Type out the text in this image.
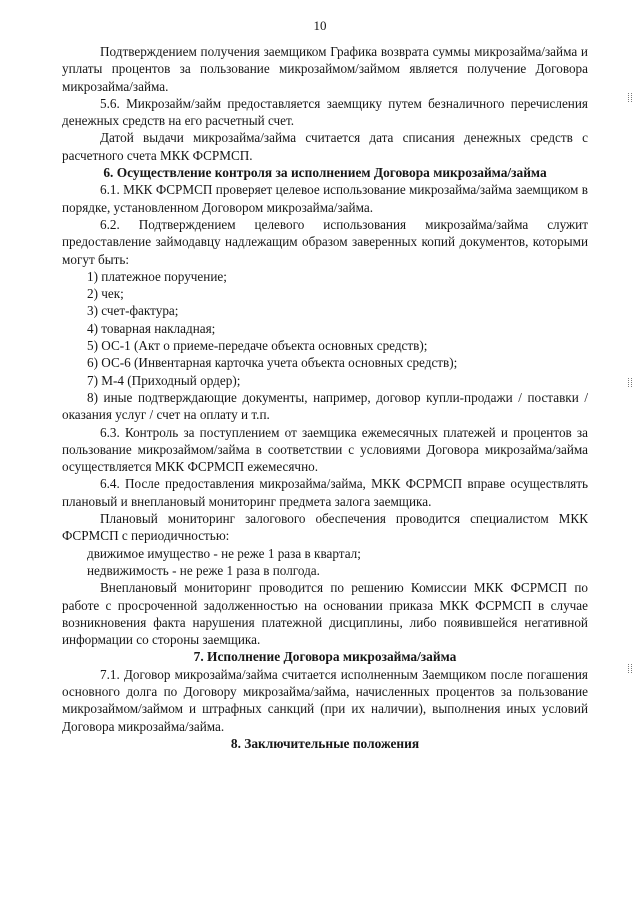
10

Подтверждением получения заемщиком Графика возврата суммы микрозайма/займа и уплаты процентов за пользование микрозаймом/займом является получение Договора микрозайма/займа.

5.6. Микрозайм/займ предоставляется заемщику путем безналичного перечисления денежных средств на его расчетный счет.

Датой выдачи микрозайма/займа считается дата списания денежных средств с расчетного счета МКК ФСРМСП.

6. Осуществление контроля за исполнением Договора микрозайма/займа

6.1. МКК ФСРМСП проверяет целевое использование микрозайма/займа заемщиком в порядке, установленном Договором микрозайма/займа.

6.2. Подтверждением целевого использования микрозайма/займа служит предоставление займодавцу надлежащим образом заверенных копий документов, которыми могут быть:

1) платежное поручение;

2) чек;

3) счет-фактура;

4) товарная накладная;

5) ОС-1 (Акт о приеме-передаче объекта основных средств);

6) ОС-6 (Инвентарная карточка учета объекта основных средств);

7) М-4 (Приходный ордер);

8) иные подтверждающие документы, например, договор купли-продажи / поставки / оказания услуг / счет на оплату и т.п.

6.3. Контроль за поступлением от заемщика ежемесячных платежей и процентов за пользование микрозаймом/займа в соответствии с условиями Договора микрозайма/займа осуществляется МКК ФСРМСП ежемесячно.

6.4. После предоставления микрозайма/займа, МКК ФСРМСП вправе осуществлять плановый и внеплановый мониторинг предмета залога заемщика.

Плановый мониторинг залогового обеспечения проводится специалистом МКК ФСРМСП с периодичностью:

движимое имущество - не реже 1 раза в квартал;

недвижимость - не реже 1 раза в полгода.

Внеплановый мониторинг проводится по решению Комиссии МКК ФСРМСП по работе с просроченной задолженностью на основании приказа МКК ФСРМСП в случае возникновения факта нарушения платежной дисциплины, либо появившейся негативной информации со стороны заемщика.

7. Исполнение Договора микрозайма/займа

7.1. Договор микрозайма/займа считается исполненным Заемщиком после погашения основного долга по Договору микрозайма/займа, начисленных процентов за пользование микрозаймом/займом и штрафных санкций (при их наличии), выполнения иных условий Договора микрозайма/займа.

8. Заключительные положения
